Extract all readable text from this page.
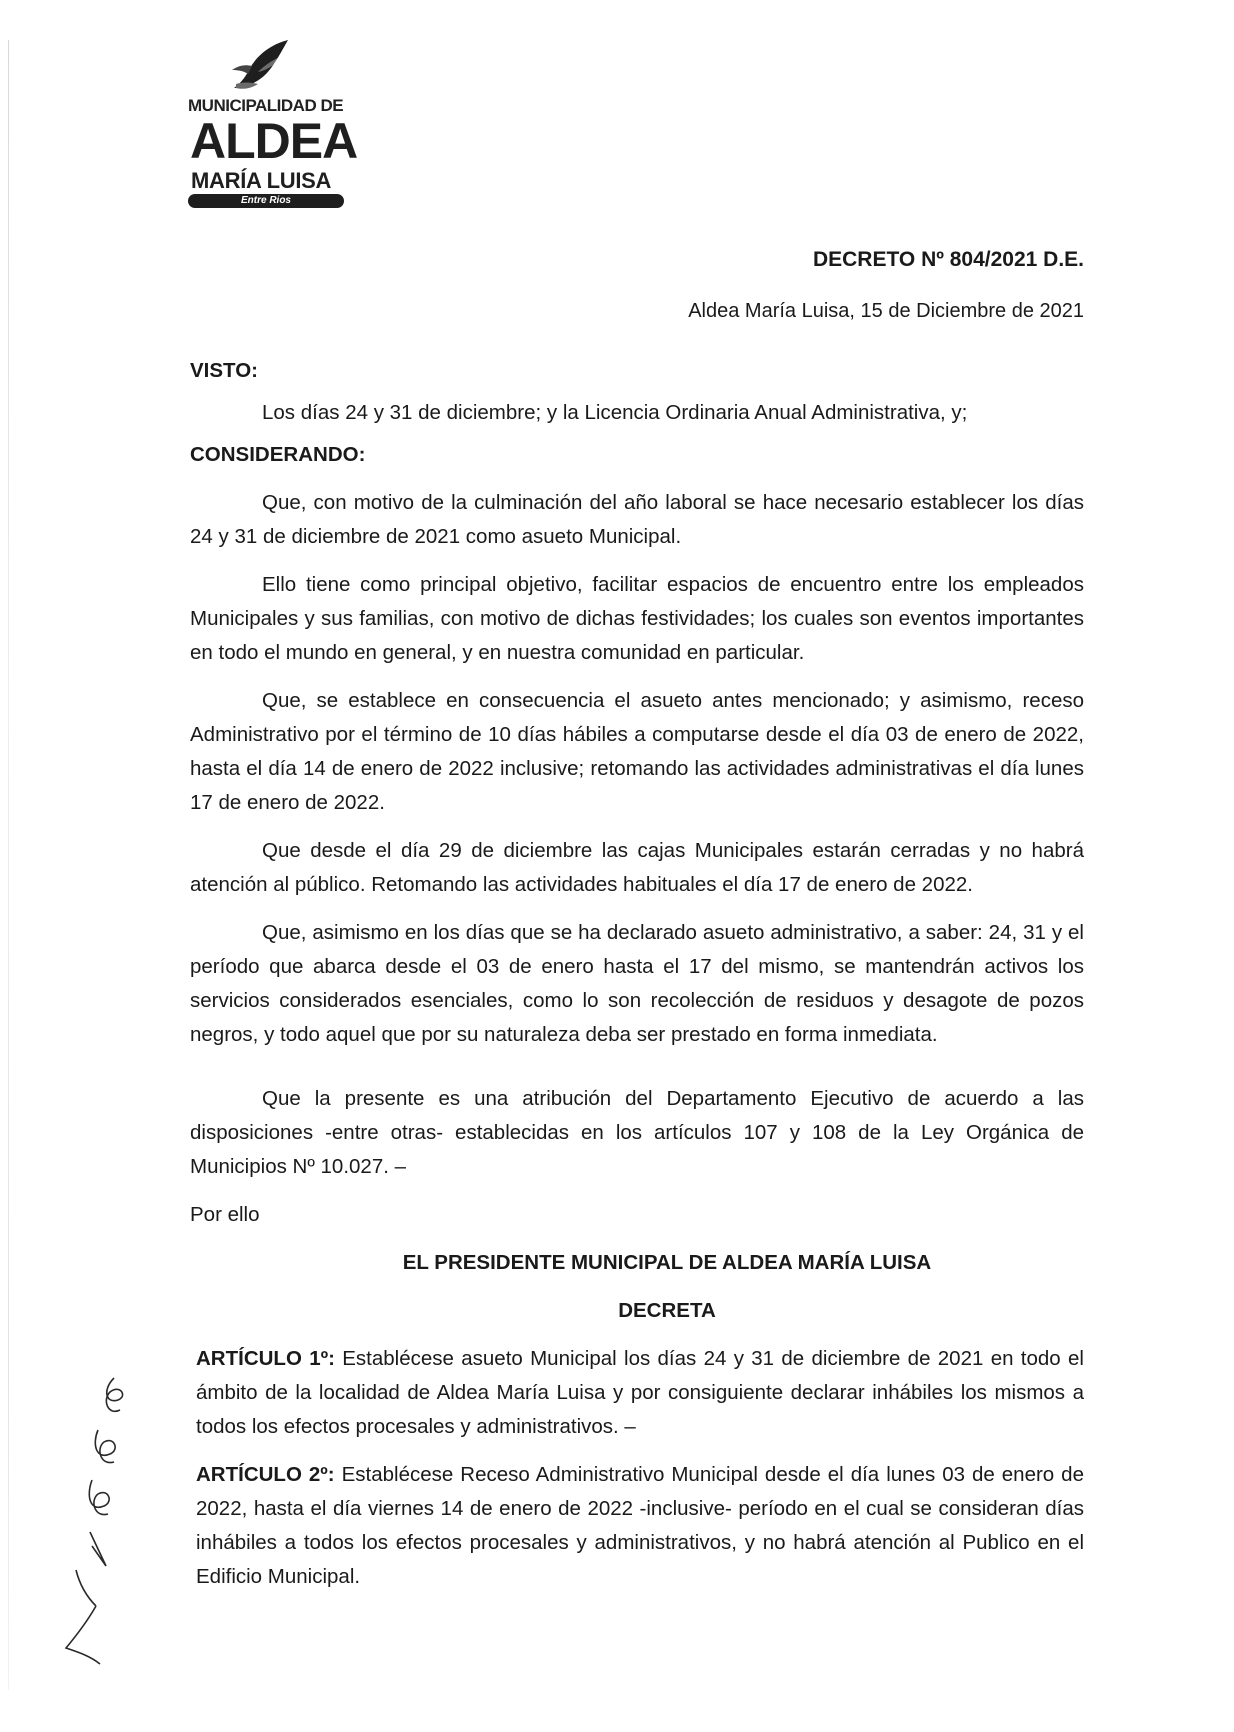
MUNICIPALIDAD DE
ALDEA
MARÍA LUISA
Entre Rios
DECRETO Nº 804/2021 D.E.
Aldea María Luisa, 15 de Diciembre de 2021

VISTO:

Los días 24 y 31 de diciembre; y la Licencia Ordinaria Anual Administrativa, y;

CONSIDERANDO:

Que, con motivo de la culminación del año laboral se hace necesario establecer los días 24 y 31 de diciembre de 2021 como asueto Municipal.

Ello tiene como principal objetivo, facilitar espacios de encuentro entre los empleados Municipales y sus familias, con motivo de dichas festividades; los cuales son eventos importantes en todo el mundo en general, y en nuestra comunidad en particular.

Que, se establece en consecuencia el asueto antes mencionado; y asimismo, receso Administrativo por el término de 10 días hábiles a computarse desde el día 03 de enero de 2022, hasta el día 14 de enero de 2022 inclusive; retomando las actividades administrativas el día lunes 17 de enero de 2022.

Que desde el día 29 de diciembre las cajas Municipales estarán cerradas y no habrá atención al público. Retomando las actividades habituales el día 17 de enero de 2022.

Que, asimismo en los días que se ha declarado asueto administrativo, a saber: 24, 31 y el período que abarca desde el 03 de enero hasta el 17 del mismo, se mantendrán activos los servicios considerados esenciales, como lo son recolección de residuos y desagote de pozos negros, y todo aquel que por su naturaleza deba ser prestado en forma inmediata.

Que la presente es una atribución del Departamento Ejecutivo de acuerdo a las disposiciones -entre otras- establecidas en los artículos 107 y 108 de la Ley Orgánica de Municipios Nº 10.027. –

Por ello

EL PRESIDENTE MUNICIPAL DE ALDEA MARÍA LUISA

DECRETA

ARTÍCULO 1º: Establécese asueto Municipal los días 24 y 31 de diciembre de 2021 en todo el ámbito de la localidad de Aldea María Luisa y por consiguiente declarar inhábiles los mismos a todos los efectos procesales y administrativos. –

ARTÍCULO 2º: Establécese Receso Administrativo Municipal desde el día lunes 03 de enero de 2022, hasta el día viernes 14 de enero de 2022 -inclusive- período en el cual se consideran días inhábiles a todos los efectos procesales y administrativos, y no habrá atención al Publico en el Edificio Municipal.
